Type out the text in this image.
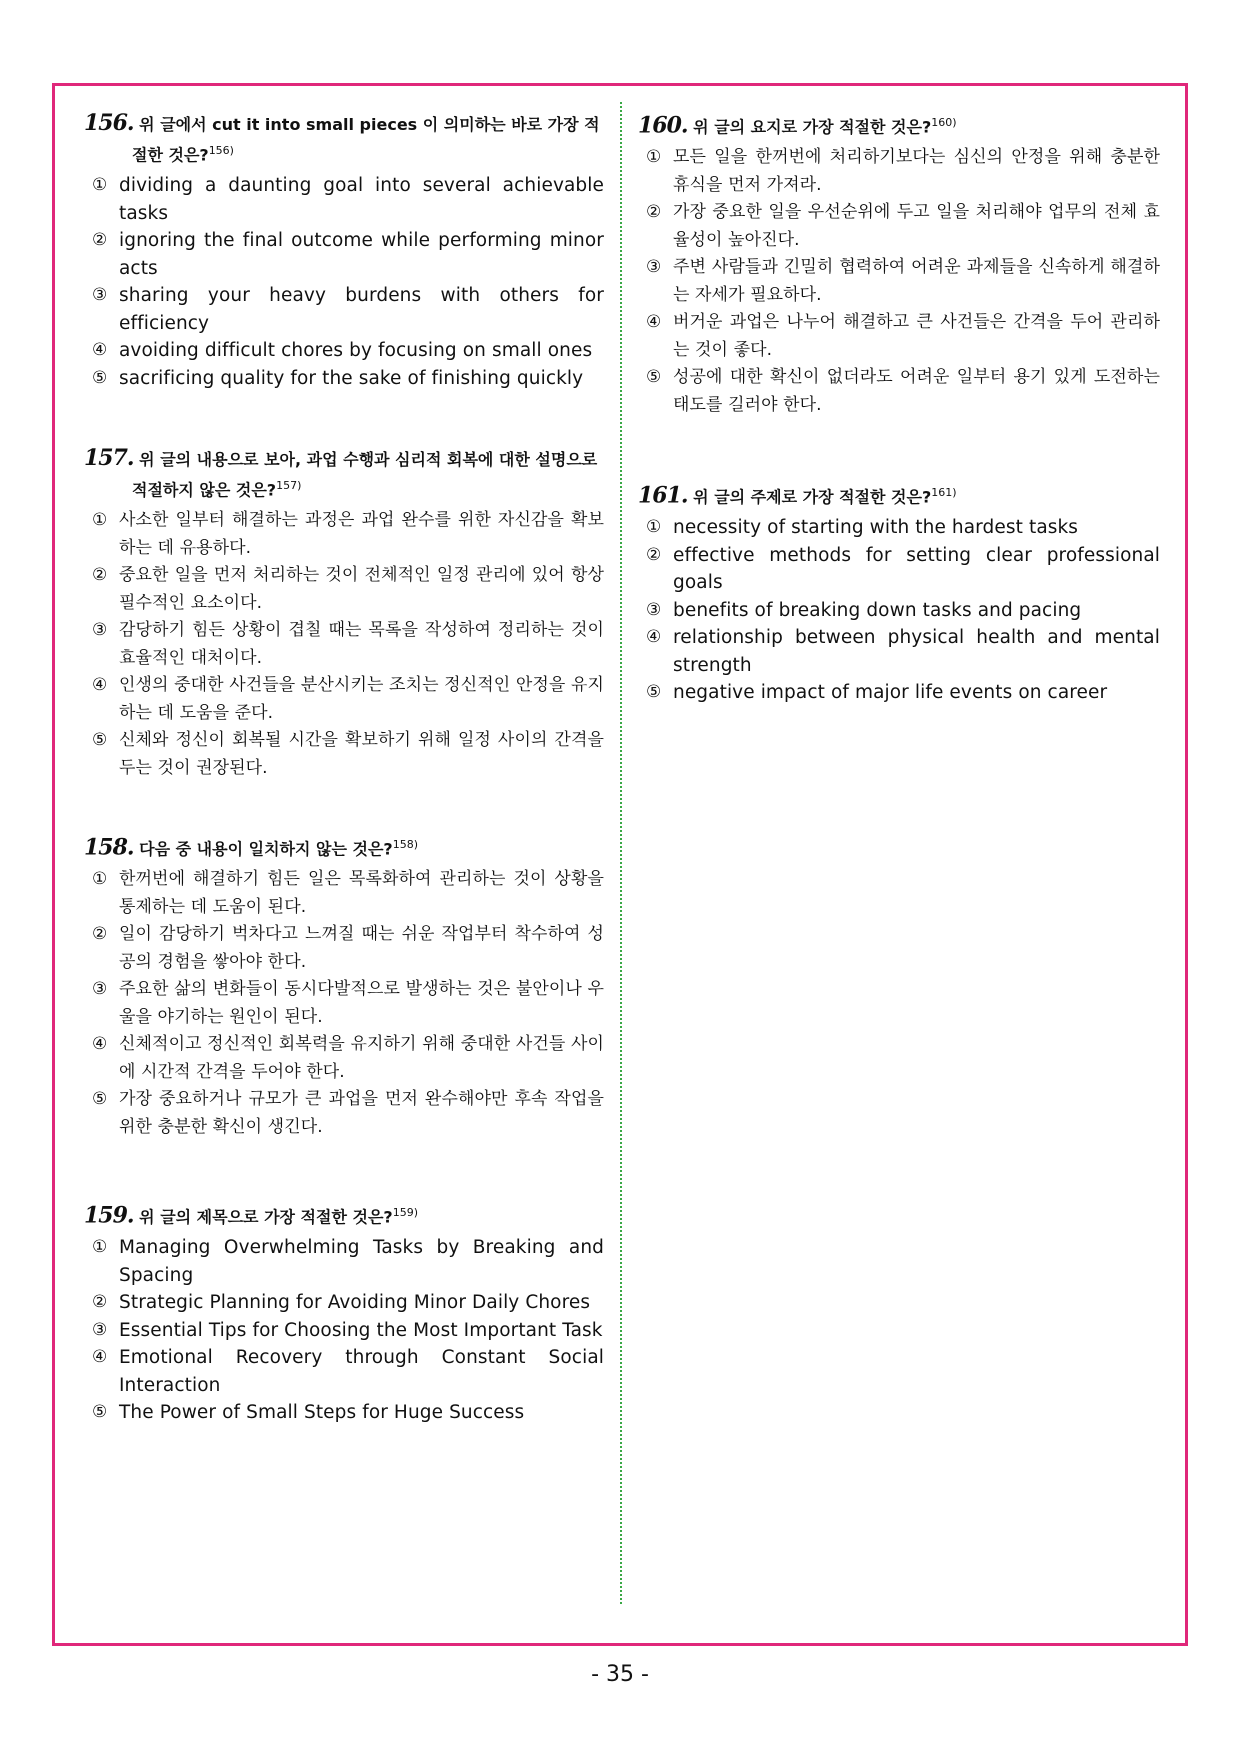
156. 위 글에서 cut it into small pieces 이 의미하는 바로 가장 적절한 것은?$^{156)}$
① dividing a daunting goal into several achievable tasks
② ignoring the final outcome while performing minor acts
③ sharing your heavy burdens with others for efficiency
④ avoiding difficult chores by focusing on small ones
⑤ sacrificing quality for the sake of finishing quickly
157. 위 글의 내용으로 보아, 과업 수행과 심리적 회복에 대한 설명으로 적절하지 않은 것은?$^{157)}$
① 사소한 일부터 해결하는 과정은 과업 완수를 위한 자신감을 확보하는 데 유용하다.
② 중요한 일을 먼저 처리하는 것이 전체적인 일정 관리에 있어 항상 필수적인 요소이다.
③ 감당하기 힘든 상황이 겹칠 때는 목록을 작성하여 정리하는 것이 효율적인 대처이다.
④ 인생의 중대한 사건들을 분산시키는 조치는 정신적인 안정을 유지하는 데 도움을 준다.
⑤ 신체와 정신이 회복될 시간을 확보하기 위해 일정 사이의 간격을 두는 것이 권장된다.
158. 다음 중 내용이 일치하지 않는 것은?$^{158)}$
① 한꺼번에 해결하기 힘든 일은 목록화하여 관리하는 것이 상황을 통제하는 데 도움이 된다.
② 일이 감당하기 벅차다고 느껴질 때는 쉬운 작업부터 착수하여 성공의 경험을 쌓아야 한다.
③ 주요한 삶의 변화들이 동시다발적으로 발생하는 것은 불안이나 우울을 야기하는 원인이 된다.
④ 신체적이고 정신적인 회복력을 유지하기 위해 중대한 사건들 사이에 시간적 간격을 두어야 한다.
⑤ 가장 중요하거나 규모가 큰 과업을 먼저 완수해야만 후속 작업을 위한 충분한 확신이 생긴다.
159. 위 글의 제목으로 가장 적절한 것은?$^{159)}$
① Managing Overwhelming Tasks by Breaking and Spacing
② Strategic Planning for Avoiding Minor Daily Chores
③ Essential Tips for Choosing the Most Important Task
④ Emotional Recovery through Constant Social Interaction
⑤ The Power of Small Steps for Huge Success
160. 위 글의 요지로 가장 적절한 것은?$^{160)}$
① 모든 일을 한꺼번에 처리하기보다는 심신의 안정을 위해 충분한 휴식을 먼저 가져라.
② 가장 중요한 일을 우선순위에 두고 일을 처리해야 업무의 전체 효율성이 높아진다.
③ 주변 사람들과 긴밀히 협력하여 어려운 과제들을 신속하게 해결하는 자세가 필요하다.
④ 버거운 과업은 나누어 해결하고 큰 사건들은 간격을 두어 관리하는 것이 좋다.
⑤ 성공에 대한 확신이 없더라도 어려운 일부터 용기 있게 도전하는 태도를 길러야 한다.
161. 위 글의 주제로 가장 적절한 것은?$^{161)}$
① necessity of starting with the hardest tasks
② effective methods for setting clear professional goals
③ benefits of breaking down tasks and pacing
④ relationship between physical health and mental strength
⑤ negative impact of major life events on career
- 35 -
